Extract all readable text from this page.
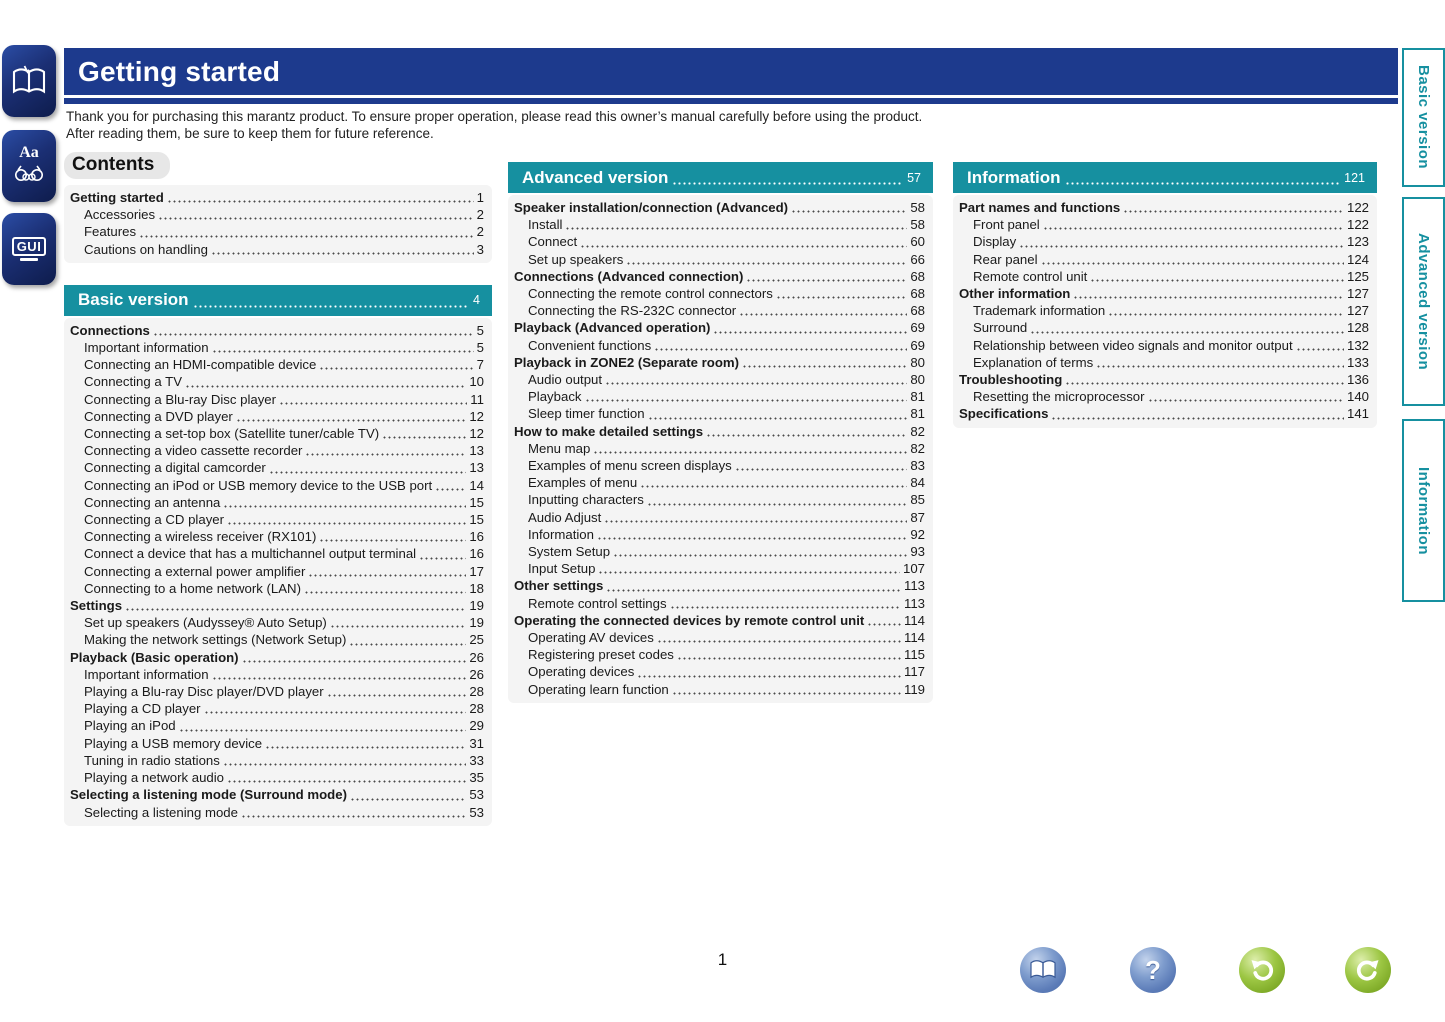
Aa
GUI
Getting started
Thank you for purchasing this marantz product. To ensure proper operation, please read this owner’s manual carefully before using the product.
After reading them, be sure to keep them for future reference.
Contents
Getting started	1
Accessories	2
Features	2
Cautions on handling	3
Basic version	4
Connections	5
Important information	5
Connecting an HDMI-compatible device	7
Connecting a TV	10
Connecting a Blu-ray Disc player	11
Connecting a DVD player	12
Connecting a set-top box (Satellite tuner/cable TV)	12
Connecting a video cassette recorder	13
Connecting a digital camcorder	13
Connecting an iPod or USB memory device to the USB port	14
Connecting an antenna	15
Connecting a CD player	15
Connecting a wireless receiver (RX101)	16
Connect a device that has a multichannel output terminal	16
Connecting a external power amplifier	17
Connecting to a home network (LAN)	18
Settings	19
Set up speakers (Audyssey® Auto Setup)	19
Making the network settings (Network Setup)	25
Playback (Basic operation)	26
Important information	26
Playing a Blu-ray Disc player/DVD player	28
Playing a CD player	28
Playing an iPod	29
Playing a USB memory device	31
Tuning in radio stations	33
Playing a network audio	35
Selecting a listening mode (Surround mode)	53
Selecting a listening mode	53
Advanced version	57
Speaker installation/connection (Advanced)	58
Install	58
Connect	60
Set up speakers	66
Connections (Advanced connection)	68
Connecting the remote control connectors	68
Connecting the RS-232C connector	68
Playback (Advanced operation)	69
Convenient functions	69
Playback in ZONE2 (Separate room)	80
Audio output	80
Playback	81
Sleep timer function	81
How to make detailed settings	82
Menu map	82
Examples of menu screen displays	83
Examples of menu	84
Inputting characters	85
Audio Adjust	87
Information	92
System Setup	93
Input Setup	107
Other settings	113
Remote control settings	113
Operating the connected devices by remote control unit	114
Operating AV devices	114
Registering preset codes	115
Operating devices	117
Operating learn function	119
Information	121
Part names and functions	122
Front panel	122
Display	123
Rear panel	124
Remote control unit	125
Other information	127
Trademark information	127
Surround	128
Relationship between video signals and monitor output	132
Explanation of terms	133
Troubleshooting	136
Resetting the microprocessor	140
Specifications	141
Basic version
Advanced version
Information
1	?
